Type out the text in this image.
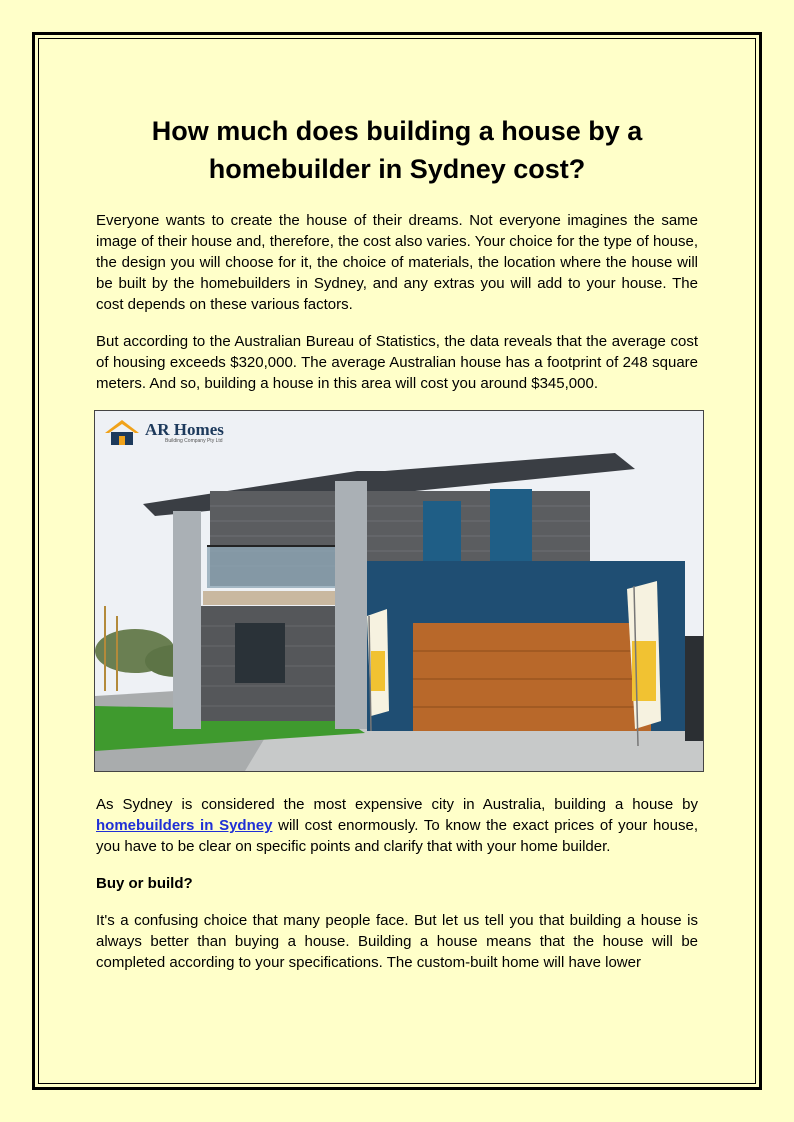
How much does building a house by a homebuilder in Sydney cost?

Everyone wants to create the house of their dreams. Not everyone imagines the same image of their house and, therefore, the cost also varies. Your choice for the type of house, the design you will choose for it, the choice of materials, the location where the house will be built by the homebuilders in Sydney, and any extras you will add to your house. The cost depends on these various factors.

But according to the Australian Bureau of Statistics, the data reveals that the average cost of housing exceeds $320,000. The average Australian house has a footprint of 248 square meters. And so, building a house in this area will cost you around $345,000.

AR Homes
Building Company Pty Ltd

As Sydney is considered the most expensive city in Australia, building a house by homebuilders in Sydney will cost enormously. To know the exact prices of your house, you have to be clear on specific points and clarify that with your home builder.

Buy or build?

It's a confusing choice that many people face. But let us tell you that building a house is always better than buying a house. Building a house means that the house will be completed according to your specifications. The custom-built home will have lower
